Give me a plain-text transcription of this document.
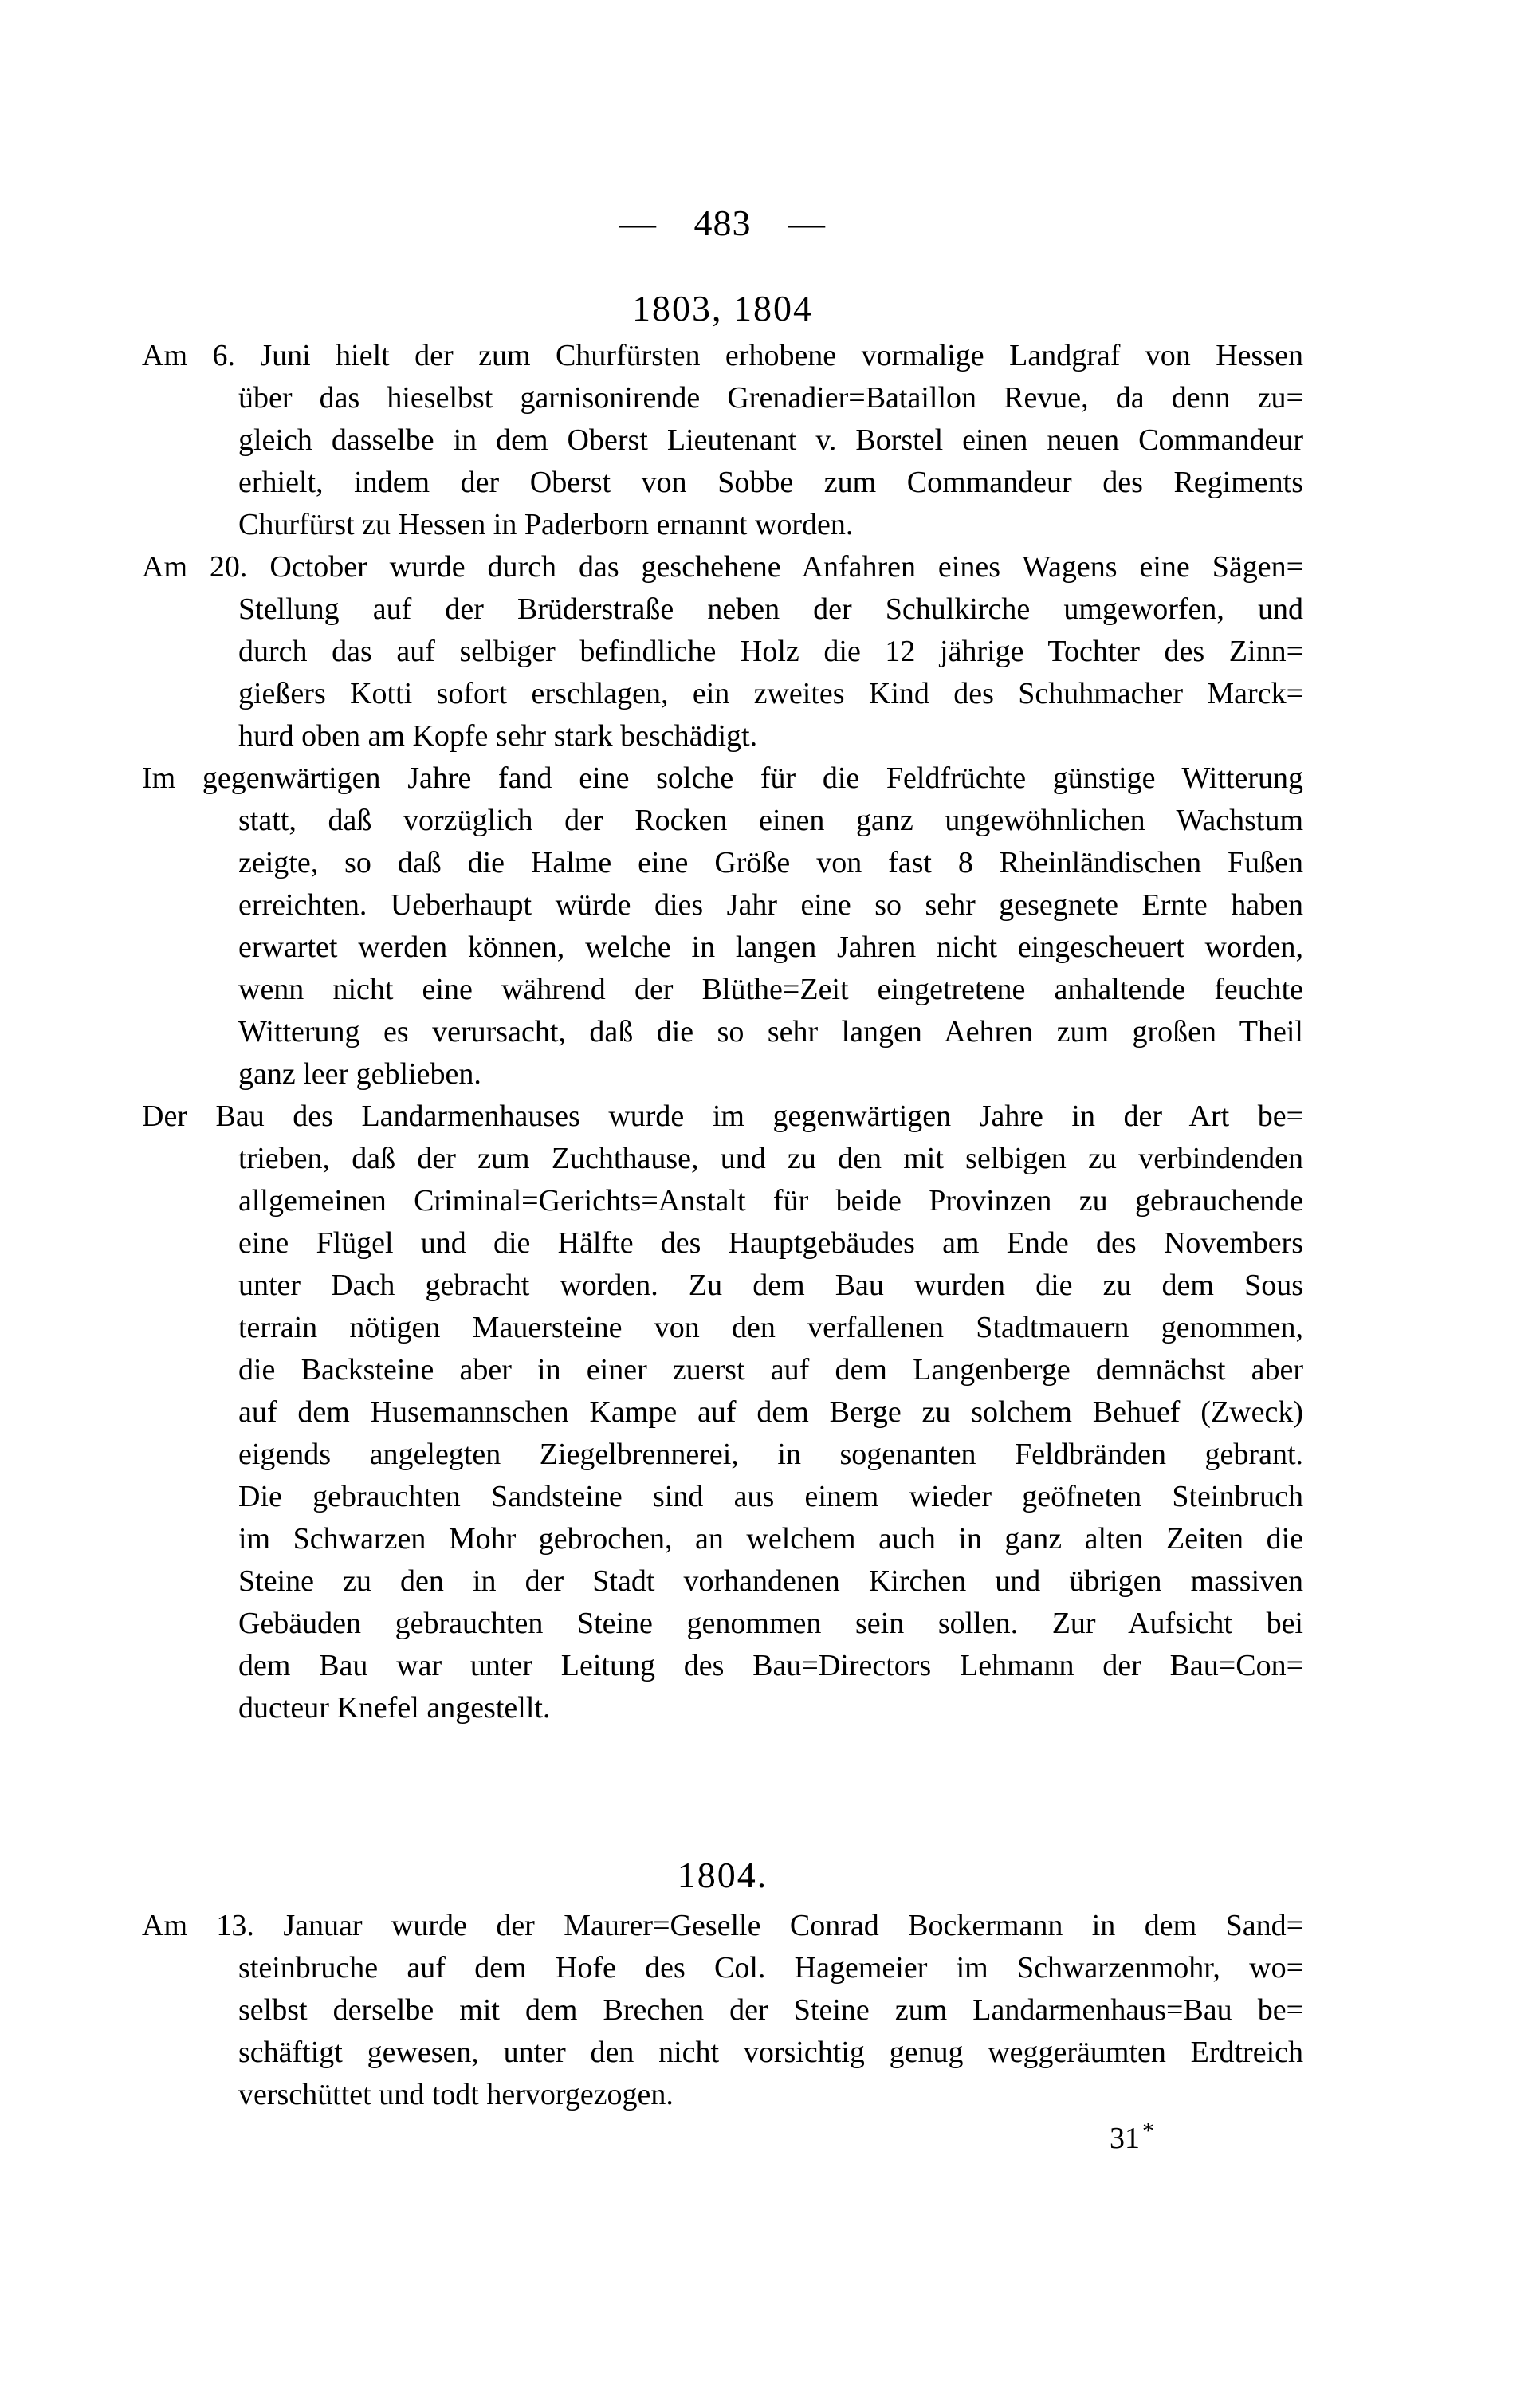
— 483 —
1803, 1804
Am 6. Juni hielt der zum Churfürsten erhobene vormalige Landgraf von Hessen
über das hieselbst garnisonirende Grenadier=Bataillon Revue, da denn zu=
gleich dasselbe in dem Oberst Lieutenant v. Borstel einen neuen Commandeur
erhielt, indem der Oberst von Sobbe zum Commandeur des Regiments
Churfürst zu Hessen in Paderborn ernannt worden.
Am 20. October wurde durch das geschehene Anfahren eines Wagens eine Sägen=
Stellung auf der Brüderstraße neben der Schulkirche umgeworfen, und
durch das auf selbiger befindliche Holz die 12 jährige Tochter des Zinn=
gießers Kotti sofort erschlagen, ein zweites Kind des Schuhmacher Marck=
hurd oben am Kopfe sehr stark beschädigt.
Im gegenwärtigen Jahre fand eine solche für die Feldfrüchte günstige Witterung
statt, daß vorzüglich der Rocken einen ganz ungewöhnlichen Wachstum
zeigte, so daß die Halme eine Größe von fast 8 Rheinländischen Fußen
erreichten. Ueberhaupt würde dies Jahr eine so sehr gesegnete Ernte haben
erwartet werden können, welche in langen Jahren nicht eingescheuert worden,
wenn nicht eine während der Blüthe=Zeit eingetretene anhaltende feuchte
Witterung es verursacht, daß die so sehr langen Aehren zum großen Theil
ganz leer geblieben.
Der Bau des Landarmenhauses wurde im gegenwärtigen Jahre in der Art be=
trieben, daß der zum Zuchthause, und zu den mit selbigen zu verbindenden
allgemeinen Criminal=Gerichts=Anstalt für beide Provinzen zu gebrauchende
eine Flügel und die Hälfte des Hauptgebäudes am Ende des Novembers
unter Dach gebracht worden. Zu dem Bau wurden die zu dem Sous
terrain nötigen Mauersteine von den verfallenen Stadtmauern genommen,
die Backsteine aber in einer zuerst auf dem Langenberge demnächst aber
auf dem Husemannschen Kampe auf dem Berge zu solchem Behuef (Zweck)
eigends angelegten Ziegelbrennerei, in sogenanten Feldbränden gebrant.
Die gebrauchten Sandsteine sind aus einem wieder geöfneten Steinbruch
im Schwarzen Mohr gebrochen, an welchem auch in ganz alten Zeiten die
Steine zu den in der Stadt vorhandenen Kirchen und übrigen massiven
Gebäuden gebrauchten Steine genommen sein sollen. Zur Aufsicht bei
dem Bau war unter Leitung des Bau=Directors Lehmann der Bau=Con=
ducteur Knefel angestellt.
1804.
Am 13. Januar wurde der Maurer=Geselle Conrad Bockermann in dem Sand=
steinbruche auf dem Hofe des Col. Hagemeier im Schwarzenmohr, wo=
selbst derselbe mit dem Brechen der Steine zum Landarmenhaus=Bau be=
schäftigt gewesen, unter den nicht vorsichtig genug weggeräumten Erdtreich
verschüttet und todt hervorgezogen.
31 *
